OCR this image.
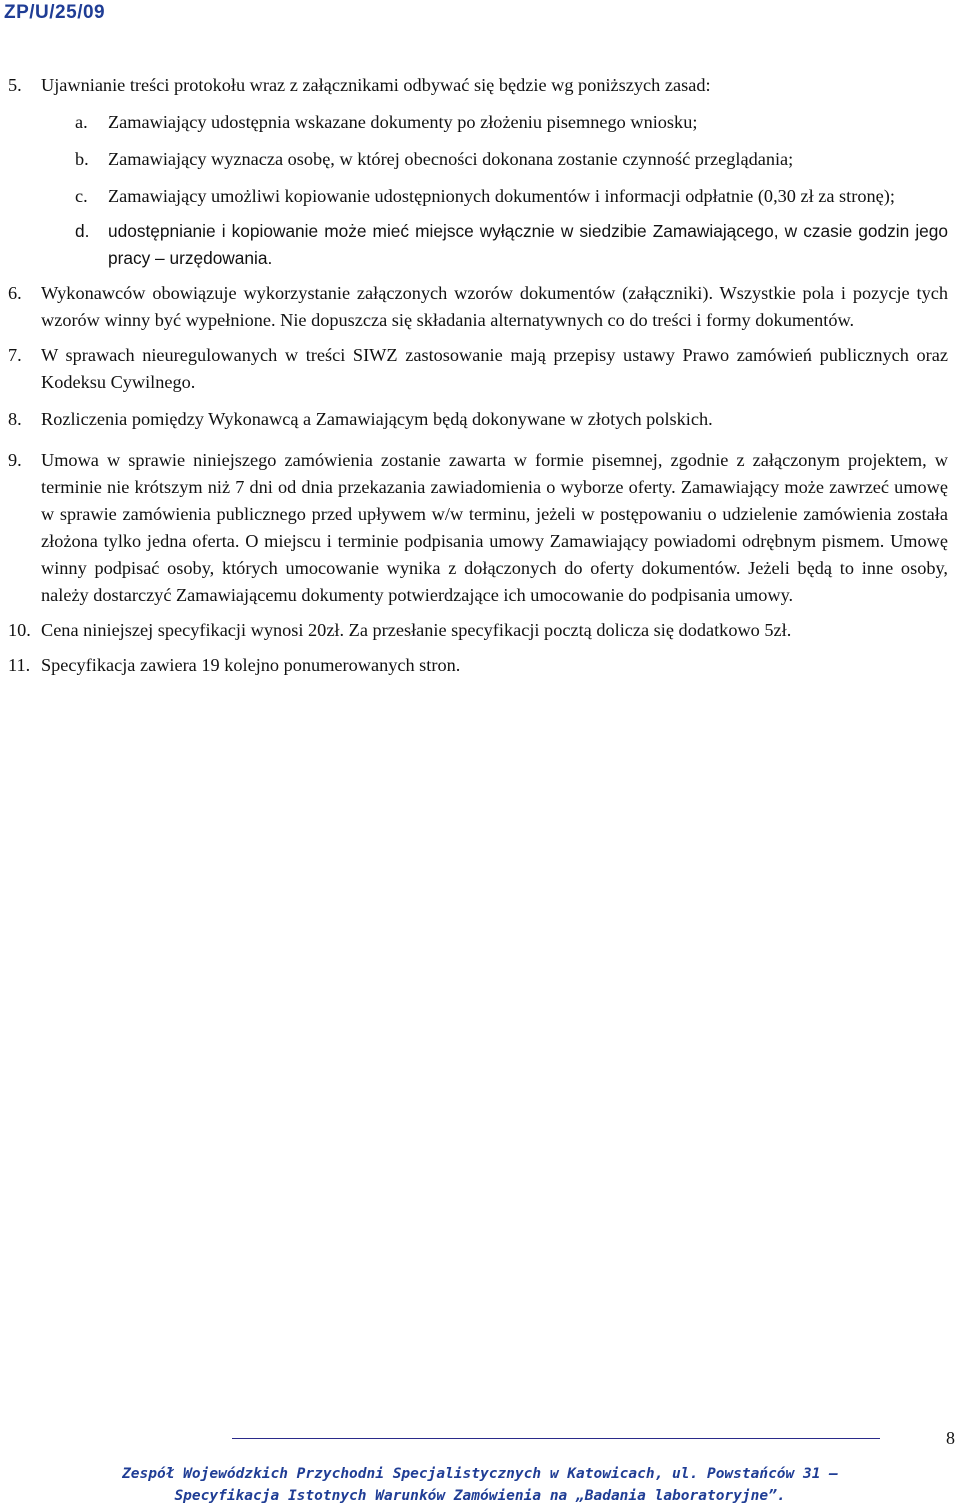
ZP/U/25/09
5.	Ujawnianie treści protokołu wraz z załącznikami odbywać się będzie wg poniższych zasad:
a.	Zamawiający udostępnia wskazane dokumenty po złożeniu pisemnego wniosku;
b.	Zamawiający wyznacza osobę, w której obecności dokonana zostanie czynność przeglądania;
c.	Zamawiający umożliwi kopiowanie udostępnionych dokumentów i informacji odpłatnie (0,30 zł za stronę);
d.	udostępnianie i kopiowanie może mieć miejsce wyłącznie w siedzibie Zamawiającego, w czasie godzin jego pracy – urzędowania.
6.	Wykonawców obowiązuje wykorzystanie załączonych wzorów dokumentów (załączniki). Wszystkie pola i pozycje tych wzorów winny być wypełnione. Nie dopuszcza się składania alternatywnych co do treści i formy dokumentów.
7.	W sprawach nieuregulowanych w treści SIWZ zastosowanie mają przepisy ustawy Prawo zamówień publicznych oraz Kodeksu Cywilnego.
8.	Rozliczenia pomiędzy Wykonawcą a Zamawiającym będą dokonywane w złotych polskich.
9.	Umowa w sprawie niniejszego zamówienia zostanie zawarta w formie pisemnej, zgodnie z załączonym projektem, w terminie nie krótszym niż 7 dni od dnia przekazania zawiadomienia o wyborze oferty. Zamawiający może zawrzeć umowę w sprawie zamówienia publicznego przed upływem w/w terminu, jeżeli w postępowaniu o udzielenie zamówienia została złożona tylko jedna oferta. O miejscu i terminie podpisania umowy Zamawiający powiadomi odrębnym pismem. Umowę winny podpisać osoby, których umocowanie wynika z dołączonych do oferty dokumentów. Jeżeli będą to inne osoby, należy dostarczyć Zamawiającemu dokumenty potwierdzające ich umocowanie do podpisania umowy.
10. Cena niniejszej specyfikacji wynosi 20zł. Za przesłanie specyfikacji pocztą dolicza się dodatkowo 5zł.
11. Specyfikacja zawiera 19 kolejno ponumerowanych stron.
8
Zespół Wojewódzkich Przychodni Specjalistycznych w Katowicach, ul. Powstańców 31 –
Specyfikacja Istotnych Warunków Zamówienia na „Badania laboratoryjne”.
